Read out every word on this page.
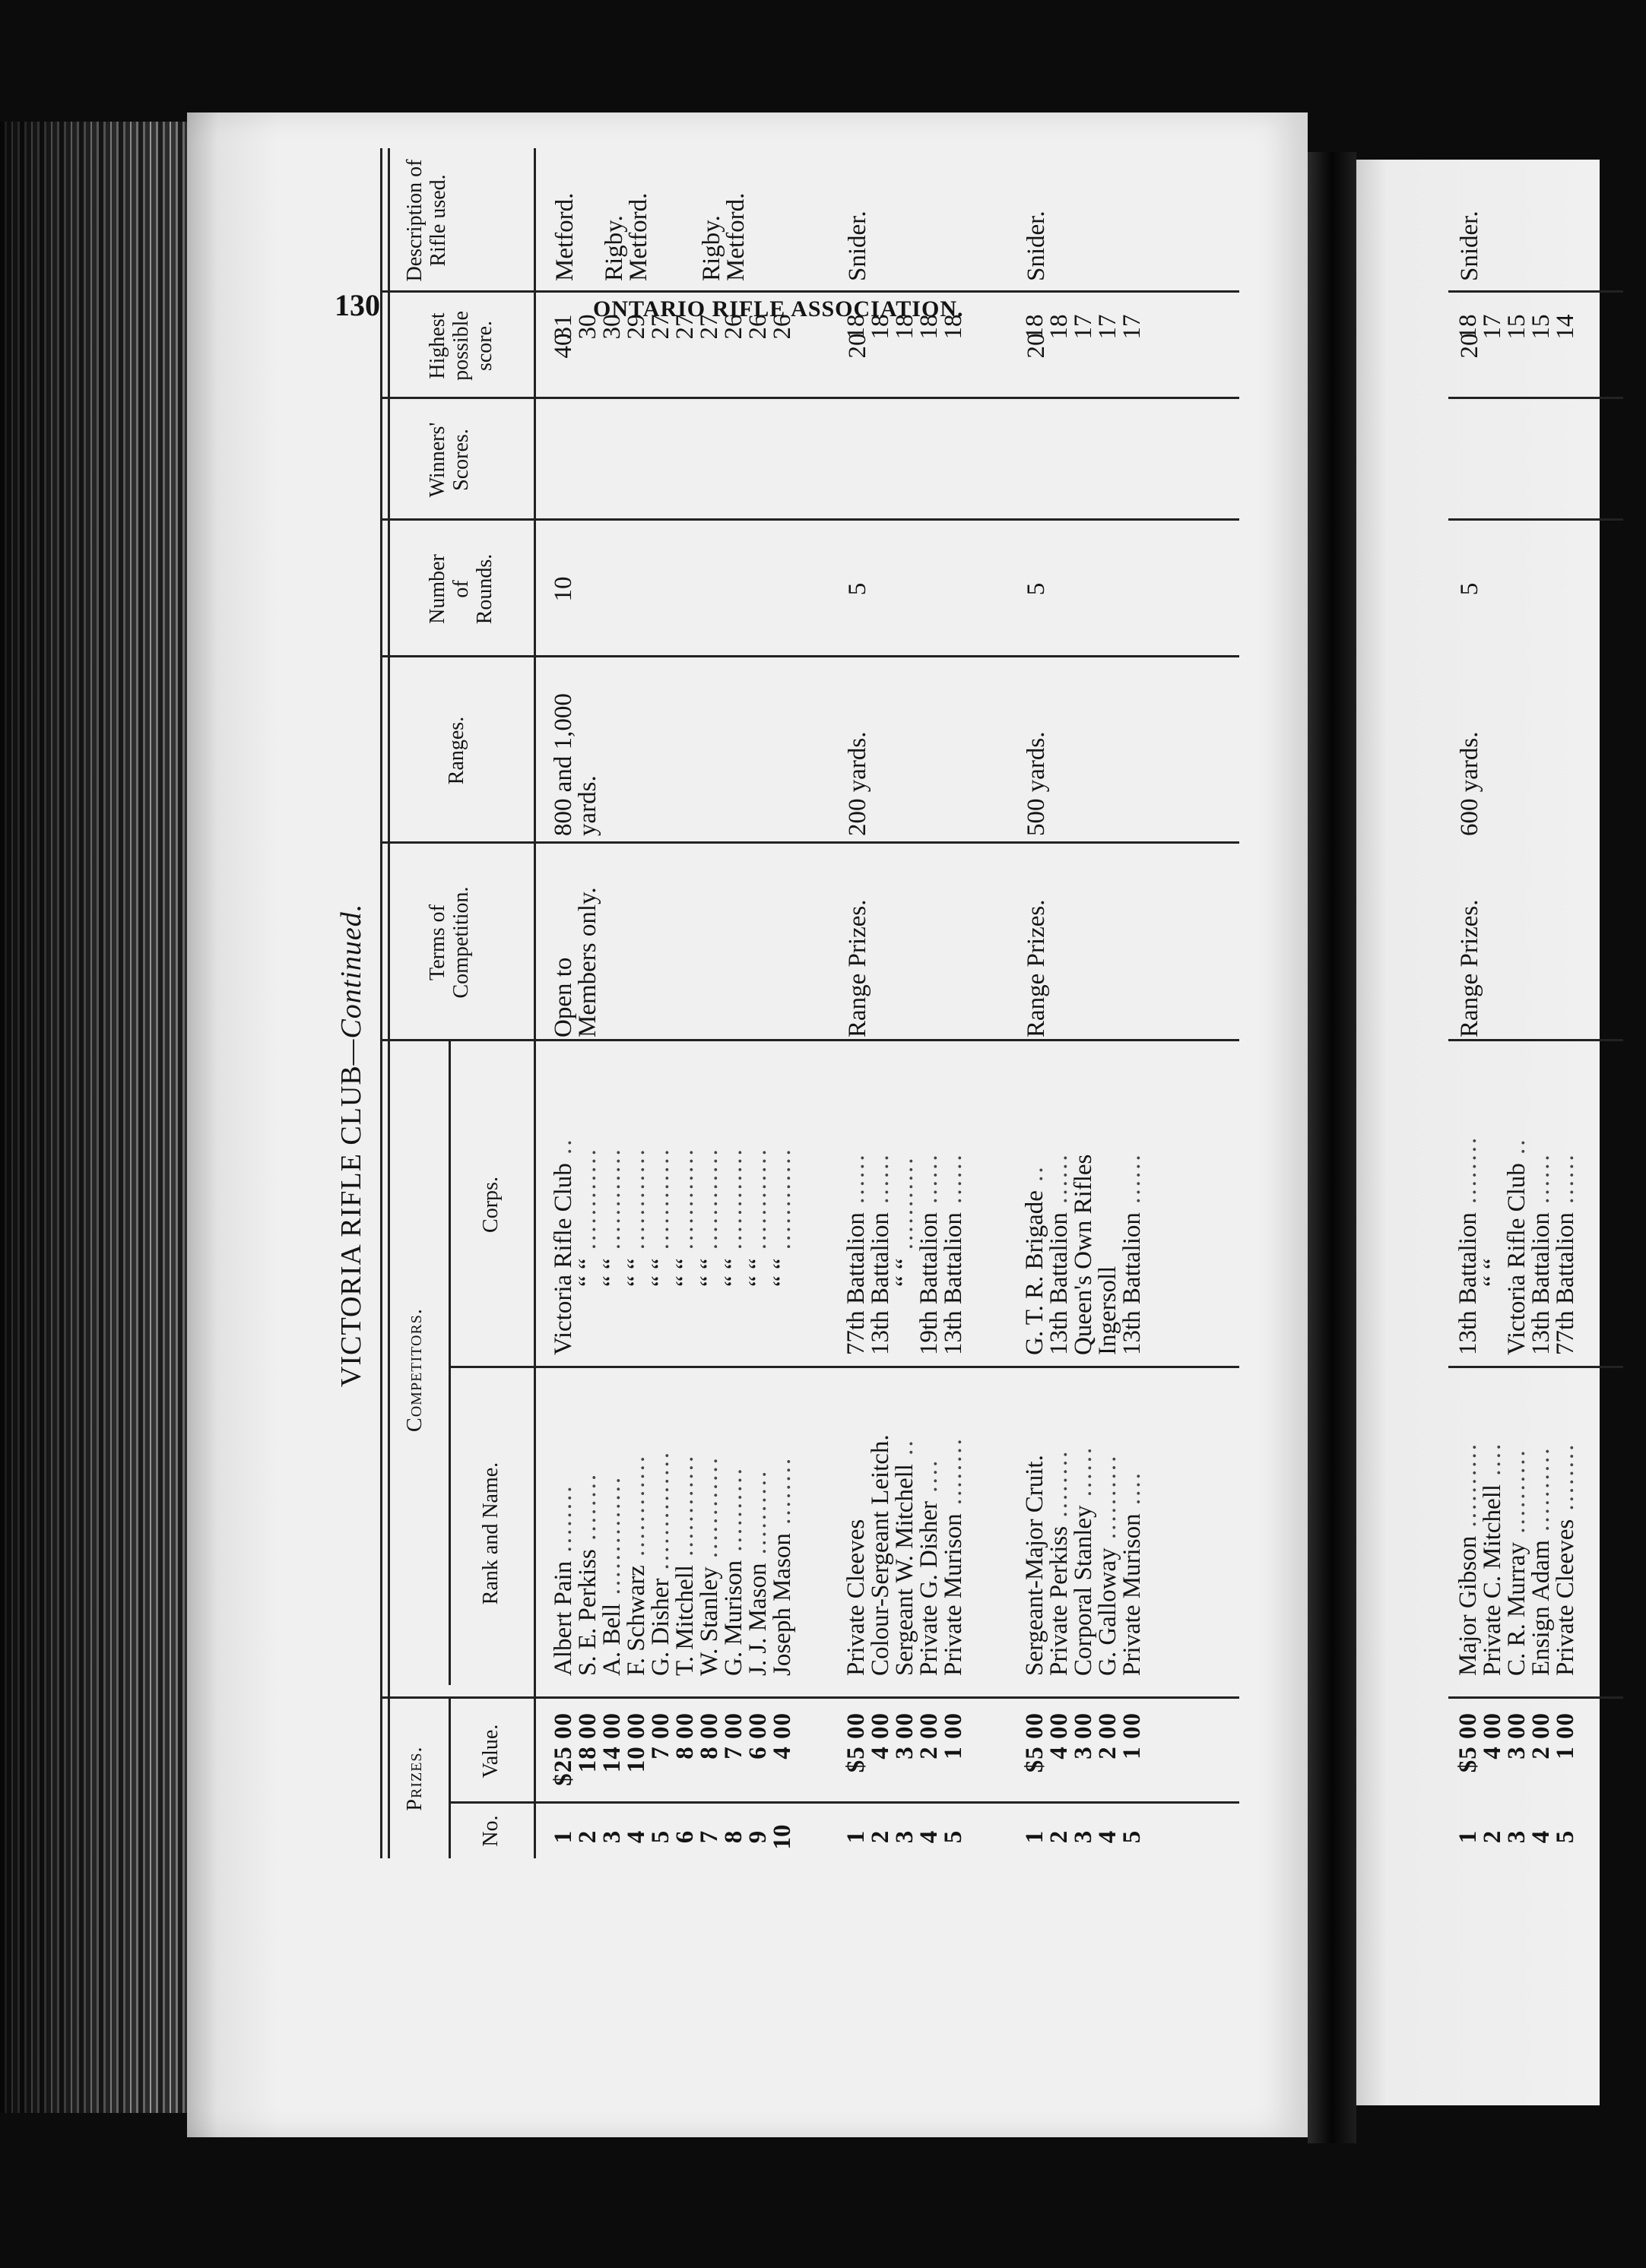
130	ONTARIO RIFLE ASSOCIATION.
VICTORIA RIFLE CLUB—Continued.
Prizes.
No.
Value.
Competitors.
Rank and Name.
Corps.
Terms of Competition.
Ranges.
Number of Rounds.
Winners' Scores.
Highest possible score.
Description of Rifle used.
Open to Members only.
800 and 1,000 yards.
10
40
Metford. Rigby.
Metford. Rigby.
Metford.
1
$25 00
Albert Pain ........
Victoria Rifle Club ..
31
2
18 00
S. E. Perkiss ........
“ “ ............
30
3
14 00
A. Bell ..............
“ “ ............
30
4
10 00
F. Schwarz ............
“ “ ............
29
5
7 00
G. Disher ..............
“ “ ............
27
6
8 00
T. Mitchell ............
“ “ ............
27
7
8 00
W. Stanley ............
“ “ ............
27
8
7 00
G. Murison ..........
“ “ ............
26
9
6 00
J. J. Mason ..........
“ “ ............
26
10
4 00
Joseph Mason ........
“ “ ............
26
Range Prizes.
200 yards.
5
20
Snider.
1
$5 00
Private Cleeves
77th Battalion ......
18
2
4 00
Colour-Sergeant Leitch.
13th Battalion ......
18
3
3 00
Sergeant W. Mitchell ..
“ “ ...........
18
4
2 00
Private G. Disher ....
19th Battalion ......
18
5
1 00
Private Murison ........
13th Battalion ......
18
Range Prizes.
500 yards.
5
20
Snider.
1
$5 00
Sergeant-Major Cruit.
G. T. R. Brigade ..
18
2
4 00
Private Perkiss ........
13th Battalion ......
18
3
3 00
Corporal Stanley ......
Queen's Own Rifles
17
4
2 00
G. Galloway ..........
Ingersoll
17
5
1 00
Private Murison ....
13th Battalion ......
17
Range Prizes.
600 yards.
5
20
Snider.
1
$5 00
Major Gibson ..........
13th Battalion ........
18
2
4 00
Private C. Mitchell ....
“ “
17
3
3 00
C. R. Murray ..........
Victoria Rifle Club ..
15
4
2 00
Ensign Adam ..........
13th Battalion ......
15
5
1 00
Private Cleeves ........
77th Battalion ......
14
